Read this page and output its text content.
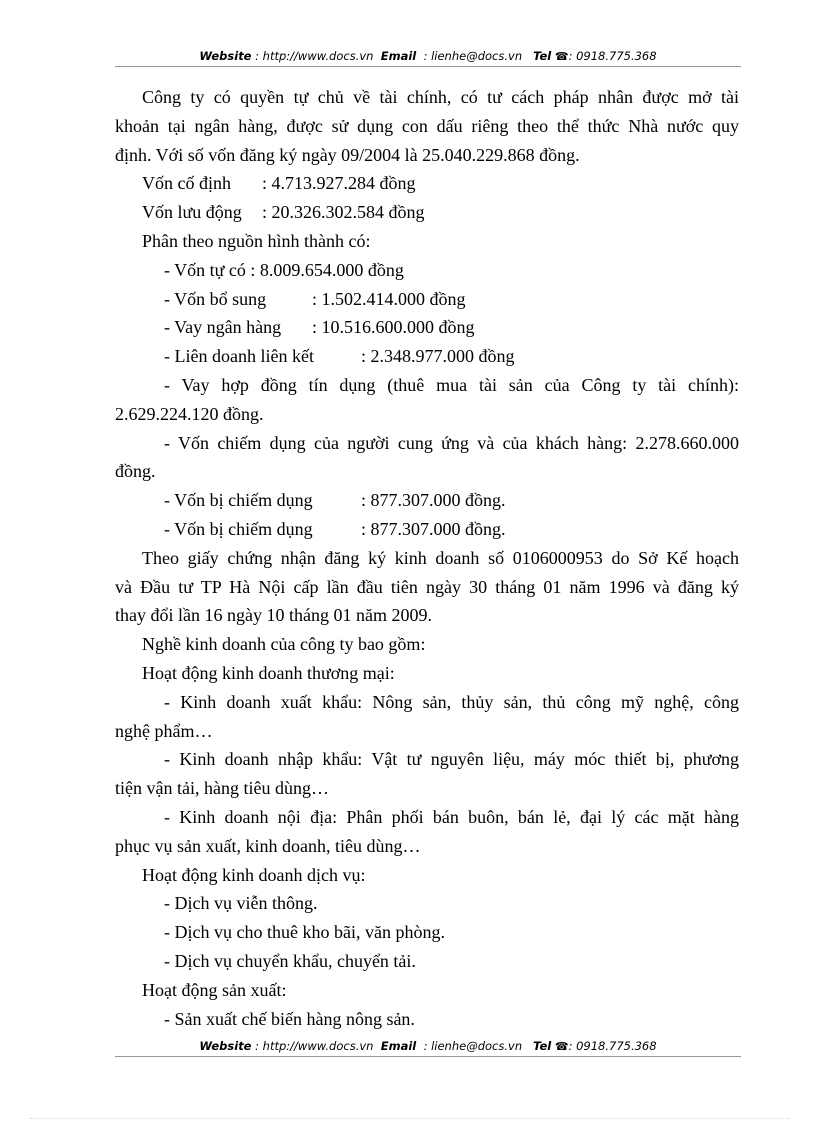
Website : http://www.docs.vn Email : lienhe@docs.vn Tel ☎: 0918.775.368
Công ty có quyền tự chủ về tài chính, có tư cách pháp nhân được mở tài
khoản tại ngân hàng, được sử dụng con dấu riêng theo thể thức Nhà nước quy
định. Với số vốn đăng ký ngày 09/2004 là 25.040.229.868 đồng.
Vốn cố định : 4.713.927.284 đồng
Vốn lưu động : 20.326.302.584 đồng
Phân theo nguồn hình thành có:
- Vốn tự có : 8.009.654.000 đồng
- Vốn bổ sung	: 1.502.414.000 đồng
- Vay ngân hàng : 10.516.600.000 đồng
- Liên doanh liên kết	: 2.348.977.000 đồng
- Vay hợp đồng tín dụng (thuê mua tài sản của Công ty tài chính):
2.629.224.120 đồng.
- Vốn chiếm dụng của người cung ứng và của khách hàng: 2.278.660.000
đồng.
- Vốn bị chiếm dụng	: 877.307.000 đồng.
- Vốn bị chiếm dụng	: 877.307.000 đồng.
Theo giấy chứng nhận đăng ký kinh doanh số 0106000953 do Sở Kế hoạch
và Đầu tư TP Hà Nội cấp lần đầu tiên ngày 30 tháng 01 năm 1996 và đăng ký
thay đổi lần 16 ngày 10 tháng 01 năm 2009.
Nghề kinh doanh của công ty bao gồm:
Hoạt động kinh doanh thương mại:
- Kinh doanh xuất khẩu: Nông sản, thủy sản, thủ công mỹ nghệ, công
nghệ phẩm…
- Kinh doanh nhập khẩu: Vật tư nguyên liệu, máy móc thiết bị, phương
tiện vận tải, hàng tiêu dùng…
- Kinh doanh nội địa: Phân phối bán buôn, bán lẻ, đại lý các mặt hàng
phục vụ sản xuất, kinh doanh, tiêu dùng…
Hoạt động kinh doanh dịch vụ:
- Dịch vụ viễn thông.
- Dịch vụ cho thuê kho bãi, văn phòng.
- Dịch vụ chuyển khẩu, chuyển tải.
Hoạt động sản xuất:
- Sản xuất chế biến hàng nông sản.
Website : http://www.docs.vn Email : lienhe@docs.vn Tel ☎: 0918.775.368
